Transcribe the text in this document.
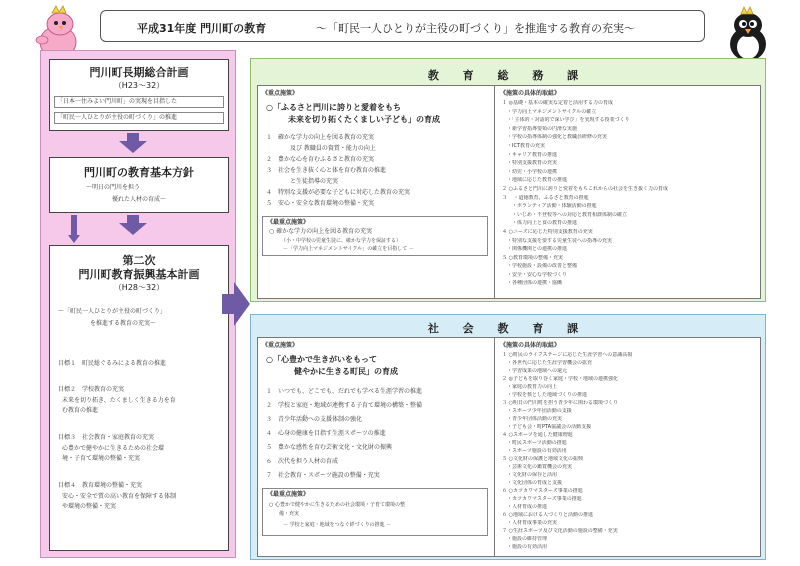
平成31年度 門川町の教育	～「町民一人ひとりが主役の町づくり」を推進する教育の充実～
門川町長期総合計画
（H23～32）
「日本一住みよい門川町」の実現を目指した
「町民一人ひとりが主役の町づくり」の推進
門川町の教育基本方針
～明日の門川を担う
優れた人材の育成～
第二次
門川町教育振興基本計画
（H28～32）
～「町民一人ひとりが主役の町づくり」
を推進する教育の充実～
目標１　町民総ぐるみによる教育の推進
目標２　学校教育の充実
未来を切り拓き、たくましく生きる力を育
む教育の推進
目標３　社会教育・家庭教育の充実
心豊かで健やかに生きるための社会環
境・子育て環境の整備・充実
目標４　教育環境の整備・充実
安心・安全で質の高い教育を保障する体制
や環境の整備・充実
教 育 総 務 課
《重点施策》
○「ふるさと門川に誇りと愛着をもち
未来を切り拓くたくましい子ども」の育成
１　確かな学力の向上を図る教育の充実
　　　　及び 教職員の資質・能力の向上
２　豊かな心を育むふるさと教育の充実
３　社会を生き抜く心と体を育む教育の推進
　　　　と生徒指導の充実
４　特別な支援が必要な子どもに対応した教育の充実
５　安心・安全な教育環境の整備・充実
《最重点施策》
○ 確かな学力の向上を図る教育の充実
（小・中学校の児童生徒に、確かな学力を保証する）
－「学力向上マネジメントサイクル」の確立を目指して －
《施策の具体的取組》
１ ◎基礎・基本の確実な定着と活用する力の育成
　・学力向上マネジメントサイクルの確立
　・「主体的・対話的で深い学び」を実現する授業づくり
　・新学習指導要領の円滑な実施
　・学校の指導体制の強化と教職員研修の充実
　・ICT教育の充実
　・キャリア教育の推進
　・特別支援教育の充実
　・幼児・小学校の連携
　・地域に応じた教育の推進
２ ○ふるさと門川に誇りと愛着をもちこれからの社会を生き抜く力の育成
３ 　・道徳教育、ふるさと教育の推進
　　・ボランティア活動・体験活動の推進
　　・いじめ・不登校等への対応と教育相談体制の確立
　　・体力向上と食の教育の推進
４ ○ニーズに応じた特別支援教育の充実
　・特別な支援を要する児童生徒への指導の充実
　・関係機関との連携の推進
５ ○教育環境の整備・充実
　・学校施設・設備の改善と整備
　・安全・安心な学校づくり
　・各種団体の連携・協働
社 会 教 育 課
《重点施策》
○「心豊かで生きがいをもって
健やかに生きる町民」の育成
１　いつでも、どこでも、だれでも学べる生涯学習の推進
２　学校と家庭・地域が連携する子育て環境の構築・整備
３　青少年活動への支援体制の強化
４　心身の健康を目指す生涯スポーツの推進
５　豊かな感性を育む芸術文化・文化財の振興
６　次代を担う人材の育成
７　社会教育・スポーツ施設の整備・充実
《最重点施策》
○ 心豊かで健やかに生きるための社会環境・子育て環境の整
備・充実
－ 学校と家庭・地域をつなぐ絆づくりの推進 －
《施策の具体的取組》
１ ○町民のライフステージに応じた生涯学習への意識高揚
　・各世代に応じた生涯学習機会の拡充
　・学習成果の地域への還元
２ ◎子どもを取り巻く家庭・学校・地域の連携強化
　・家庭の教育力の向上
　・学校を核とした地域づくりの推進
３ ○明日の門川町を担う青少年に関わる環境づくり
　・スポーツ少年団活動の支援
　・青少年団体活動の充実
　・子ども会・町PTA協議会の活動支援
４ ○スポーツを通した健康増進
　・町民スポーツ活動の推進
　・スポーツ施設の有効活用
５ ○文化財の保護と地域文化の振興
　・芸術文化の鑑賞機会の充実
　・文化財の保存と活用
　・文化団体の育成と支援
６ ○カツカワマスターズ事業の推進
　・カツカワマスターズ事業の推進
　・人材育成の推進
６ ○地域における人づくりと活動の推進
　・人材育成事業の充実
７ ○生涯スポーツ及び文化活動の施設の整備・充実
　・施設の維持管理
　・施設の有効活用
